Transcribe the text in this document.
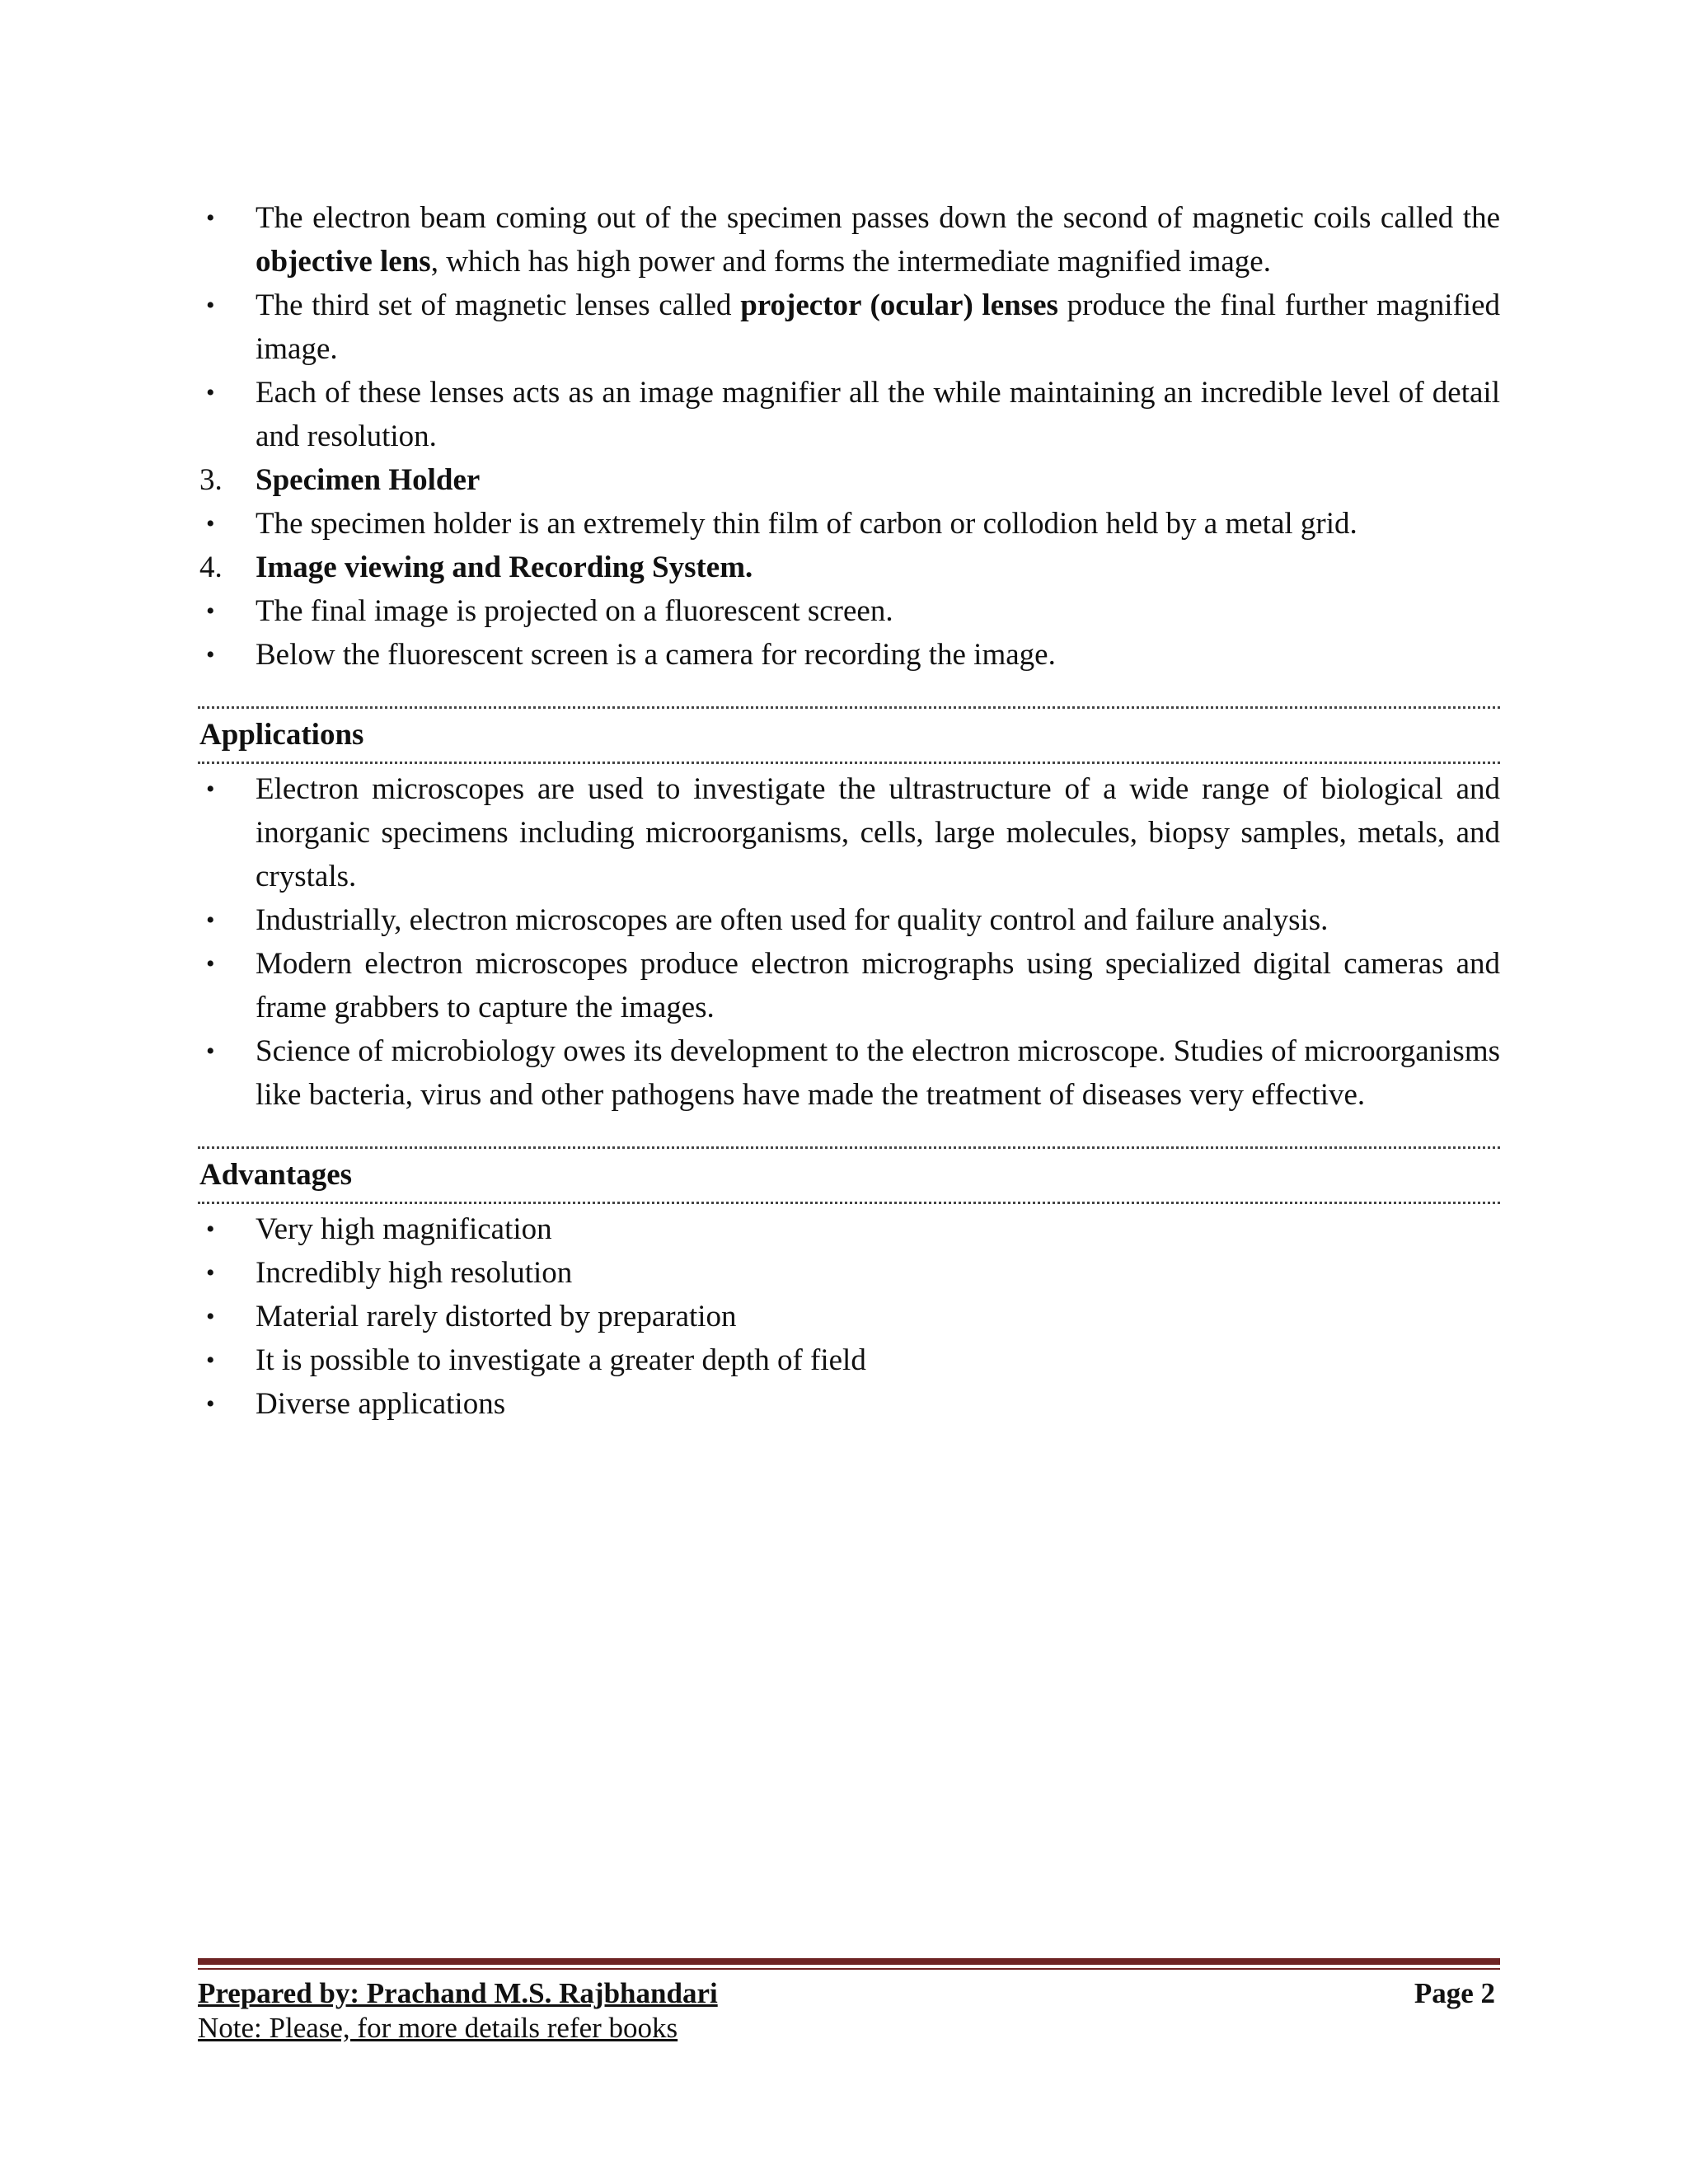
• The electron beam coming out of the specimen passes down the second of magnetic coils called the objective lens, which has high power and forms the intermediate magnified image.
• The third set of magnetic lenses called projector (ocular) lenses produce the final further magnified image.
• Each of these lenses acts as an image magnifier all the while maintaining an incredible level of detail and resolution.
3. Specimen Holder
• The specimen holder is an extremely thin film of carbon or collodion held by a metal grid.
4. Image viewing and Recording System.
• The final image is projected on a fluorescent screen.
• Below the fluorescent screen is a camera for recording the image.
Applications
• Electron microscopes are used to investigate the ultrastructure of a wide range of biological and inorganic specimens including microorganisms, cells, large molecules, biopsy samples, metals, and crystals.
• Industrially, electron microscopes are often used for quality control and failure analysis.
• Modern electron microscopes produce electron micrographs using specialized digital cameras and frame grabbers to capture the images.
• Science of microbiology owes its development to the electron microscope. Studies of microorganisms like bacteria, virus and other pathogens have made the treatment of diseases very effective.
Advantages
• Very high magnification
• Incredibly high resolution
• Material rarely distorted by preparation
• It is possible to investigate a greater depth of field
• Diverse applications
Prepared by: Prachand M.S. Rajbhandari	Page 2
Note: Please, for more details refer books
